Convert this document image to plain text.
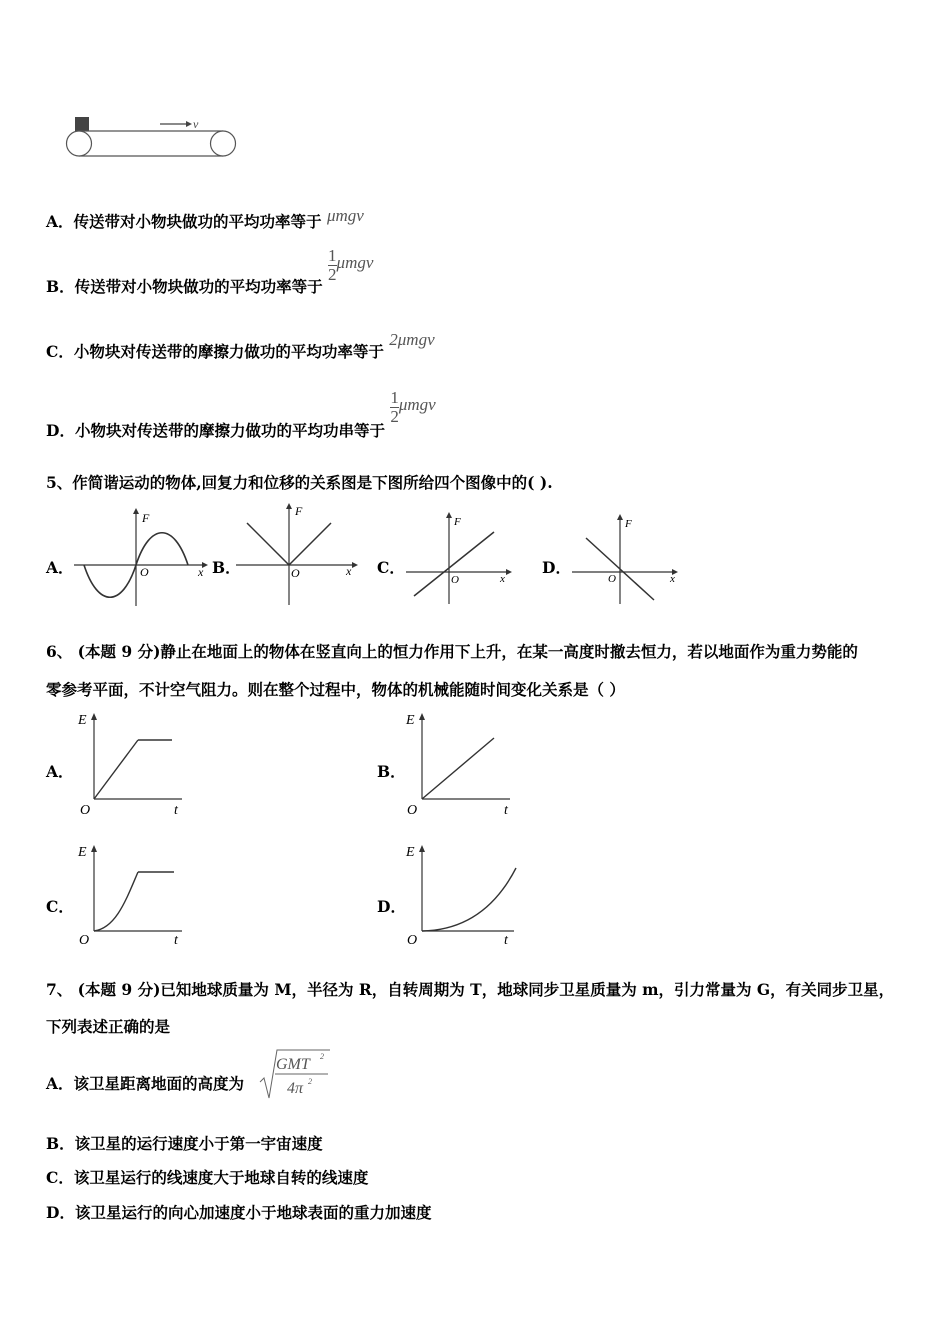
v
A．传送带对小物块做功的平均功率等于 μmgv
B．传送带对小物块做功的平均功率等于
$\frac{1}{2}$ μmgv
C．小物块对传送带的摩擦力做功的平均功率等于 2μmgv
D．小物块对传送带的摩擦力做功的平均功串等于
$\frac{1}{2}$ μmgv
5、作简谐运动的物体,回复力和位移的关系图是下图所给四个图像中的( ).
A．
F
O	x B．
F
O	x C．
F
O	x
D．
F
O	x
6、 (本题 9 分)静止在地面上的物体在竖直向上的恒力作用下上升，在某一高度时撤去恒力，若以地面作为重力势能的
零参考平面，不计空气阻力。则在整个过程中，物体的机械能随时间变化关系是（ ）
A．
E
O	t
B．
E
O	t
C．
E
O	t
D．
E
O	t
7、 (本题 9 分)已知地球质量为 M，半径为 R，自转周期为 T，地球同步卫星质量为 m，引力常量为 G，有关同步卫星，
下列表述正确的是
A．该卫星距离地面的高度为
GMT 2
4π 2
B．该卫星的运行速度小于第一宇宙速度
C．该卫星运行的线速度大于地球自转的线速度
D．该卫星运行的向心加速度小于地球表面的重力加速度
